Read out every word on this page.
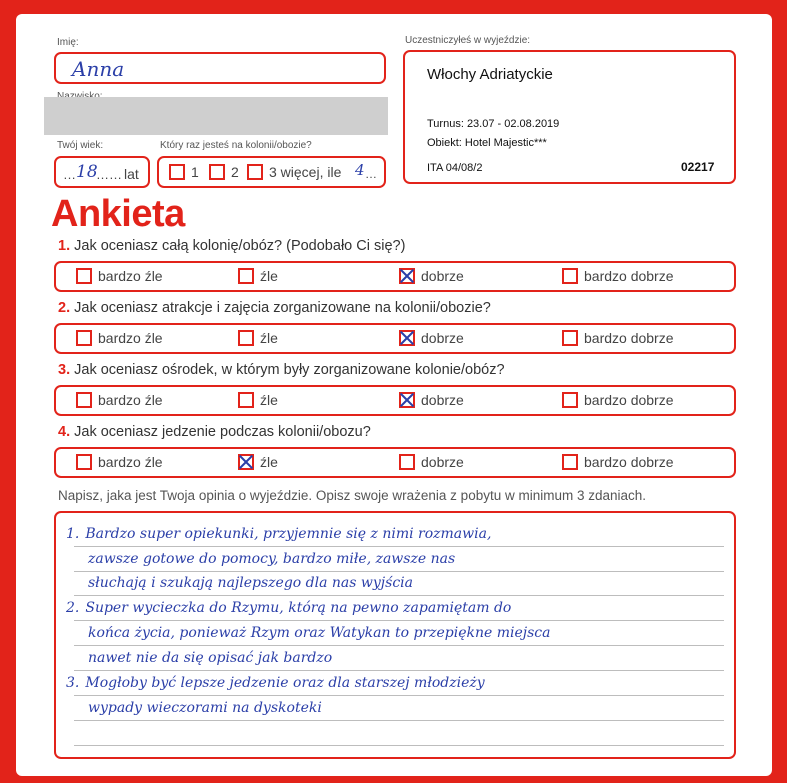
Imię:
Anna
Twój wiek:
… 18
…… lat
Który raz jesteś na kolonii/obozie?
1 2 3 więcej, ile 4 …
Uczestniczyłeś w wyjeździe:
Włochy Adriatyckie
Turnus: 23.07 - 02.08.2019
Obiekt: Hotel Majestic***
ITA 04/08/2	02217
Ankieta
1. Jak oceniasz całą kolonię/obóz? (Podobało Ci się?)
bardzo źle	źle	dobrze	bardzo dobrze
2. Jak oceniasz atrakcje i zajęcia zorganizowane na kolonii/obozie?
bardzo źle	źle	dobrze	bardzo dobrze
3. Jak oceniasz ośrodek, w którym były zorganizowane kolonie/obóz?
bardzo źle	źle	dobrze	bardzo dobrze
4. Jak oceniasz jedzenie podczas kolonii/obozu?
bardzo źle	źle	dobrze	bardzo dobrze
Napisz, jaka jest Twoja opinia o wyjeździe. Opisz swoje wrażenia z pobytu w minimum 3 zdaniach.
1. Bardzo super opiekunki, przyjemnie się z nimi rozmawia,
zawsze gotowe do pomocy, bardzo miłe, zawsze nas
słuchają i szukają najlepszego dla nas wyjścia
2. Super wycieczka do Rzymu, którą na pewno zapamiętam do
końca życia, ponieważ Rzym oraz Watykan to przepiękne miejsca
nawet nie da się opisać jak bardzo
3. Mogłoby być lepsze jedzenie oraz dla starszej młodzieży
wypady wieczorami na dyskoteki
